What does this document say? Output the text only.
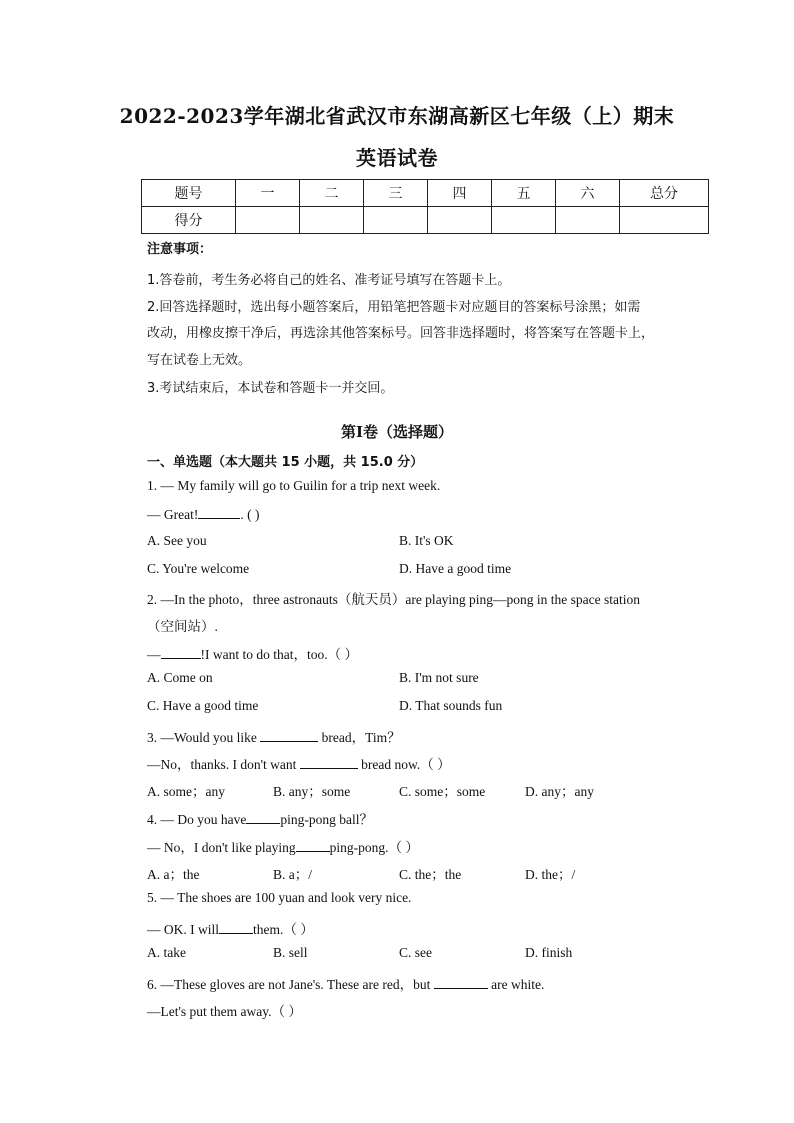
2022-2023学年湖北省武汉市东湖高新区七年级（上）期末
英语试卷
题号	一	二	三	四	五	六	总分
得分							
注意事项：
1.答卷前，考生务必将自己的姓名、准考证号填写在答题卡上。
2.回答选择题时，选出每小题答案后，用铅笔把答题卡对应题目的答案标号涂黑；如需
改动，用橡皮擦干净后，再选涂其他答案标号。回答非选择题时，将答案写在答题卡上，
写在试卷上无效。
3.考试结束后，本试卷和答题卡一并交回。
第I卷（选择题）
一、单选题（本大题共 15 小题，共 15.0 分）
1. — My family will go to Guilin for a trip next week.
— Great!	. ( )
A. See you	B. It's OK
C. You're welcome	D. Have a good time
2. —In the photo，three astronauts（航天员）are playing ping—pong in the space station
（空间站）.
—	!I want to do that，too.（ ）
A. Come on	B. I'm not sure
C. Have a good time	D. That sounds fun
3. —Would you like	bread，Tim？
—No，thanks. I don't want	bread now.（ ）
A. some；any	B. any；some	C. some；some	D. any；any
4. — Do you have	ping-pong ball？
— No，I don't like playing	ping-pong.（ ）
A. a；the	B. a；/	C. the；the	D. the；/
5. — The shoes are 100 yuan and look very nice.
— OK. I will	them.（ ）
A. take	B. sell	C. see	D. finish
6. —These gloves are not Jane's. These are red，but	are white.
—Let's put them away.（ ）
